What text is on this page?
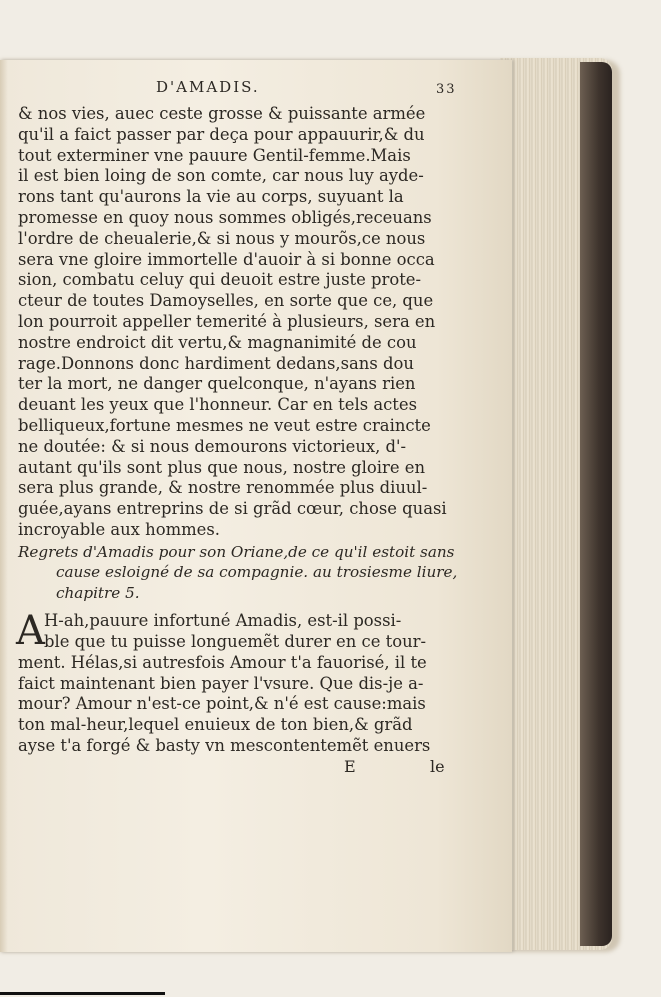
D'AMADIS.	33
& nos vies, auec ceste grosse & puissante armée
qu'il a faict passer par deça pour appauurir,& du
tout exterminer vne pauure Gentil-femme.Mais
il est bien loing de son comte, car nous luy ayde-
rons tant qu'aurons la vie au corps, suyuant la
promesse en quoy nous sommes obligés,receuans
l'ordre de cheualerie,& si nous y mourõs,ce nous
sera vne gloire immortelle d'auoir à si bonne occa
sion, combatu celuy qui deuoit estre juste prote-
cteur de toutes Damoyselles, en sorte que ce, que
lon pourroit appeller temerité à plusieurs, sera en
nostre endroict dit vertu,& magnanimité de cou
rage.Donnons donc hardiment dedans,sans dou
ter la mort, ne danger quelconque, n'ayans rien
deuant les yeux que l'honneur. Car en tels actes
belliqueux,fortune mesmes ne veut estre craincte
ne doutée: & si nous demourons victorieux, d'-
autant qu'ils sont plus que nous, nostre gloire en
sera plus grande, & nostre renommée plus diuul-
guée,ayans entreprins de si grãd cœur, chose quasi
incroyable aux hommes.
Regrets d'Amadis pour son Oriane,de ce qu'il estoit sans
cause esloigné de sa compagnie. au trosiesme liure,
chapitre 5.
A H-ah,pauure infortuné Amadis, est-il possi-
ble que tu puisse longuemẽt durer en ce tour-
ment. Hélas,si autresfois Amour t'a fauorisé, il te
faict maintenant bien payer l'vsure. Que dis-je a-
mour? Amour n'est-ce point,& n'é est cause:mais
ton mal-heur,lequel enuieux de ton bien,& grãd
ayse t'a forgé & basty vn mescontentemẽt enuers
E	le
